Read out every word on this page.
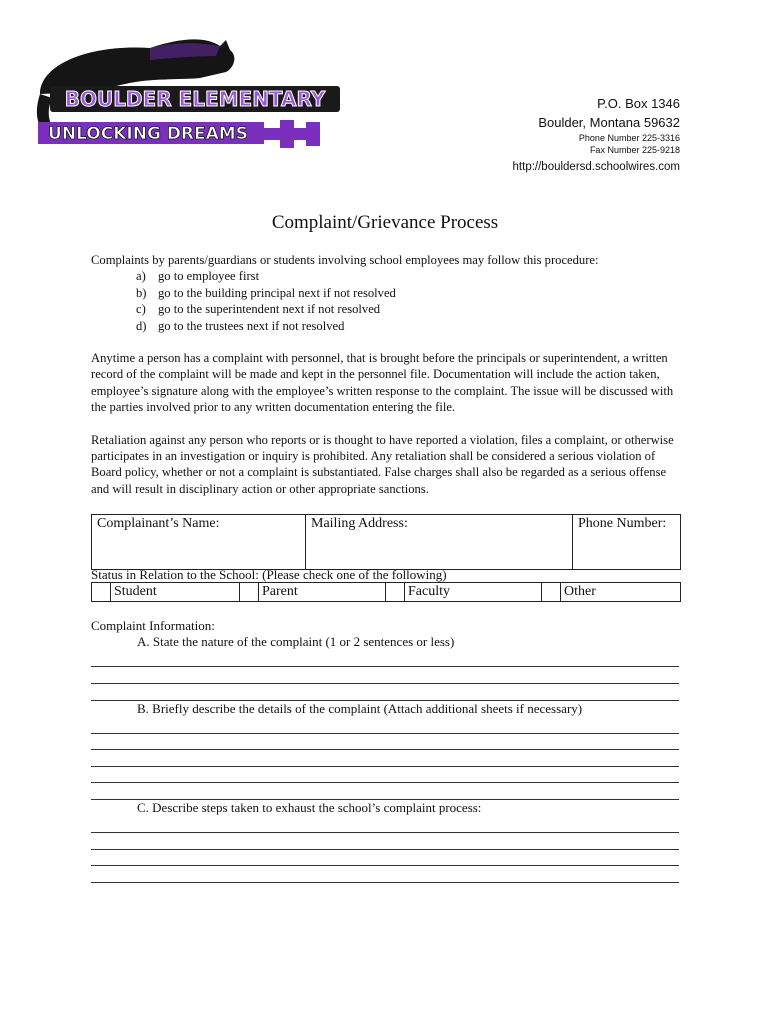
BOULDER ELEMENTARY
UNLOCKING DREAMS
P.O. Box 1346
Boulder, Montana 59632
Phone Number 225-3316
Fax Number 225-9218
http://bouldersd.schoolwires.com
Complaint/Grievance Process

Complaints by parents/guardians or students involving school employees may follow this procedure:

a) go to employee first
b) go to the building principal next if not resolved
c) go to the superintendent next if not resolved
d) go to the trustees next if not resolved

Anytime a person has a complaint with personnel, that is brought before the principals or superintendent, a written record of the complaint will be made and kept in the personnel file. Documentation will include the action taken, employee’s signature along with the employee’s written response to the complaint. The issue will be discussed with the parties involved prior to any written documentation entering the file.

Retaliation against any person who reports or is thought to have reported a violation, files a complaint, or otherwise participates in an investigation or inquiry is prohibited. Any retaliation shall be considered a serious violation of Board policy, whether or not a complaint is substantiated. False charges shall also be regarded as a serious offense and will result in disciplinary action or other appropriate sanctions.

Complainant’s Name:	Mailing Address:	Phone Number:
Status in Relation to the School: (Please check one of the following)
	Student		Parent		Faculty		Other
Complaint Information:
A. State the nature of the complaint (1 or 2 sentences or less)
B. Briefly describe the details of the complaint (Attach additional sheets if necessary)
C. Describe steps taken to exhaust the school’s complaint process:
